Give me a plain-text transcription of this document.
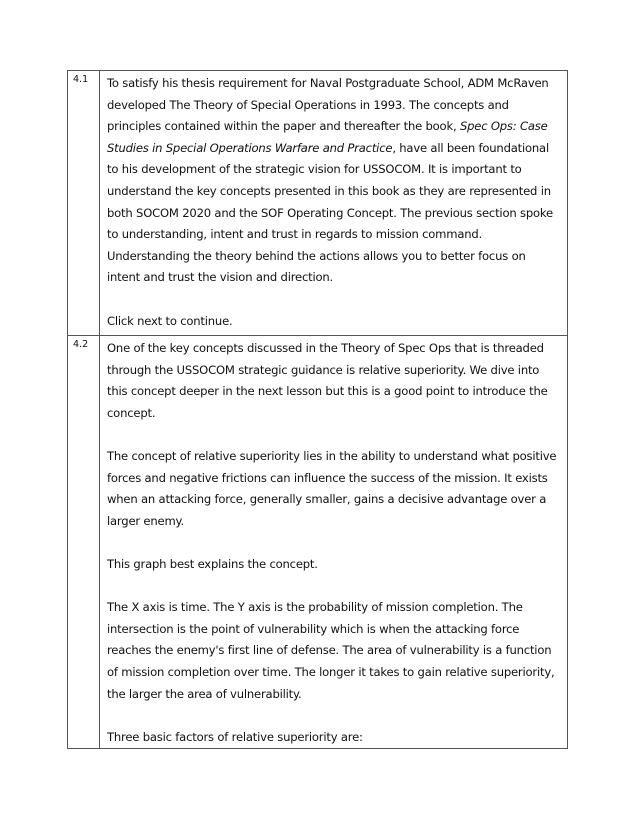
4.1	To satisfy his thesis requirement for Naval Postgraduate School, ADM McRaven developed The Theory of Special Operations in 1993. The concepts and principles contained within the paper and thereafter the book, Spec Ops: Case Studies in Special Operations Warfare and Practice, have all been foundational to his development of the strategic vision for USSOCOM. It is important to understand the key concepts presented in this book as they are represented in both SOCOM 2020 and the SOF Operating Concept. The previous section spoke to understanding, intent and trust in regards to mission command. Understanding the theory behind the actions allows you to better focus on intent and trust the vision and direction.

Click next to continue.

4.2	One of the key concepts discussed in the Theory of Spec Ops that is threaded through the USSOCOM strategic guidance is relative superiority. We dive into this concept deeper in the next lesson but this is a good point to introduce the concept.

The concept of relative superiority lies in the ability to understand what positive forces and negative frictions can influence the success of the mission. It exists when an attacking force, generally smaller, gains a decisive advantage over a larger enemy.

This graph best explains the concept.

The X axis is time. The Y axis is the probability of mission completion. The intersection is the point of vulnerability which is when the attacking force reaches the enemy's first line of defense. The area of vulnerability is a function of mission completion over time. The longer it takes to gain relative superiority, the larger the area of vulnerability.

Three basic factors of relative superiority are:
